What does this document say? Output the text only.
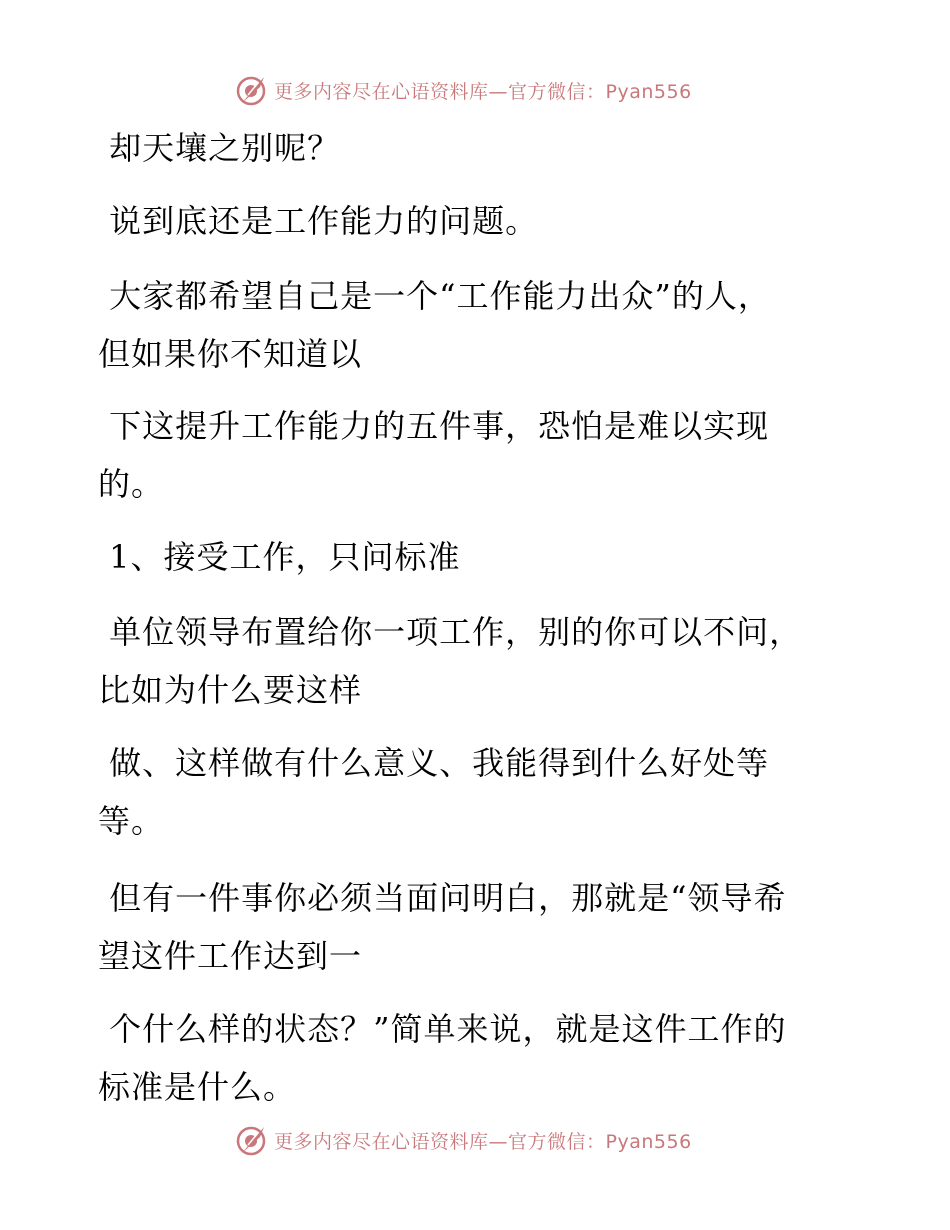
更多内容尽在心语资料库—官方微信：Pyan556
却天壤之别呢？
说到底还是工作能力的问题。
大家都希望自己是一个“工作能力出众”的人，
但如果你不知道以
下这提升工作能力的五件事，恐怕是难以实现
的。
1、接受工作，只问标准
单位领导布置给你一项工作，别的你可以不问，
比如为什么要这样
做、这样做有什么意义、我能得到什么好处等
等。
但有一件事你必须当面问明白，那就是“领导希
望这件工作达到一
个什么样的状态？”简单来说，就是这件工作的
标准是什么。
更多内容尽在心语资料库—官方微信：Pyan556
